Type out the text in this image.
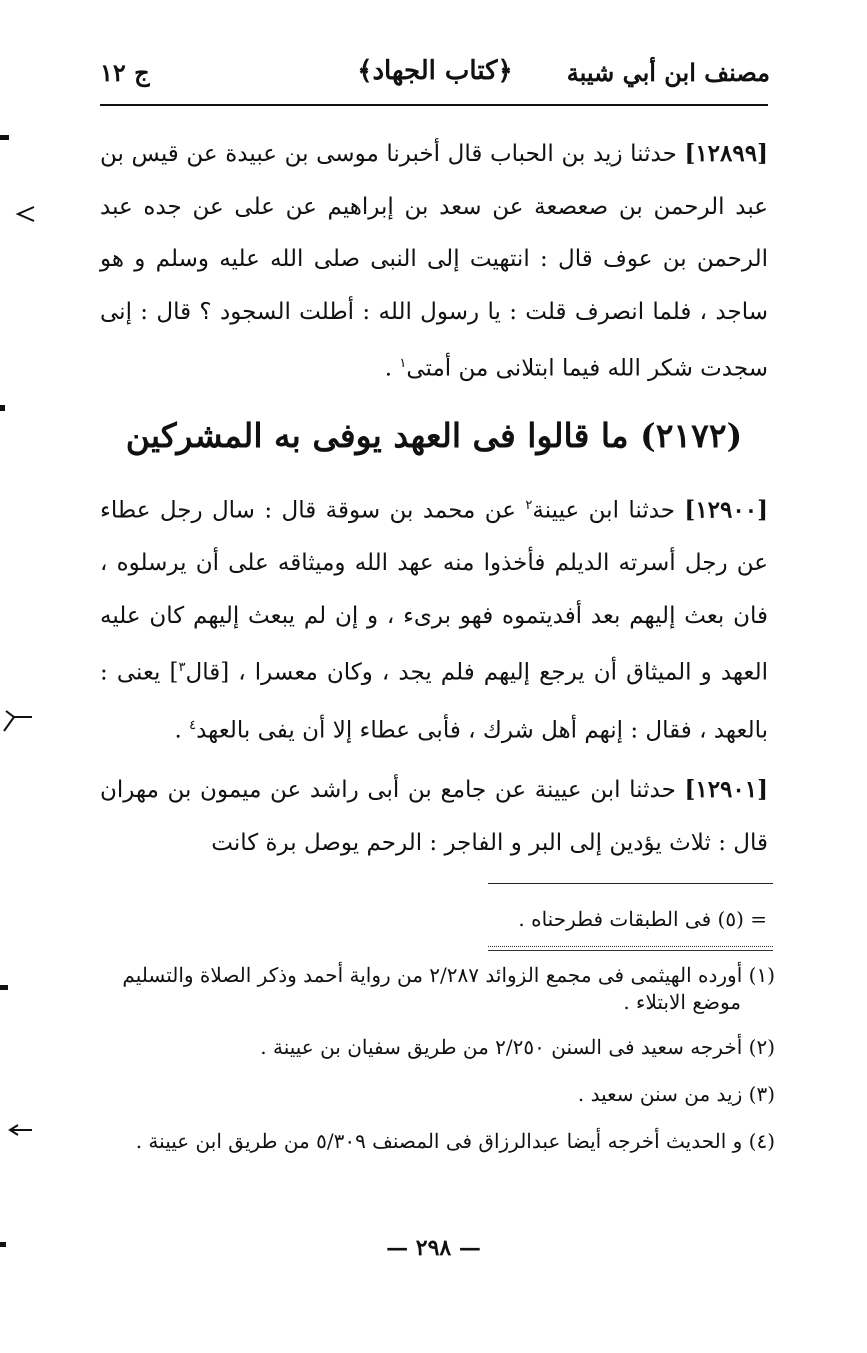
مصنف ابن أبي شيبة
﴿كتاب الجهاد﴾
ج ١٢

[١٢٨٩٩] حدثنا زيد بن الحباب قال أخبرنا موسى بن عبيدة عن قيس بن عبد الرحمن بن صعصعة عن سعد بن إبراهيم عن على عن جده عبد الرحمن بن عوف قال : انتهيت إلى النبى صلى الله عليه وسلم و هو ساجد ، فلما انصرف قلت : يا رسول الله : أطلت السجود ؟ قال : إنى سجدت شكر الله فيما ابتلانى من أمتى$^١$ .

(٢١٧٢) ما قالوا فى العهد يوفى به المشركين

[١٢٩٠٠] حدثنا ابن عيينة$^٢$ عن محمد بن سوقة قال : سال رجل عطاء عن رجل أسرته الديلم فأخذوا منه عهد الله وميثاقه على أن يرسلوه ، فان بعث إليهم بعد أفديتموه فهو برىء ، و إن لم يبعث إليهم كان عليه العهد و الميثاق أن يرجع إليهم فلم يجد ، وكان معسرا ، [قال$^٣$] يعنى : بالعهد ، فقال : إنهم أهل شرك ، فأبى عطاء إلا أن يفى بالعهد$^٤$ .

[١٢٩٠١] حدثنا ابن عيينة عن جامع بن أبى راشد عن ميمون بن مهران قال : ثلاث يؤدين إلى البر و الفاجر : الرحم يوصل برة كانت

= (٥) فى الطبقات فطرحناه .

(١) أورده الهيثمى فى مجمع الزوائد ٢/٢٨٧ من رواية أحمد وذكر الصلاة والتسليم
موضع الابتلاء .

(٢) أخرجه سعيد فى السنن ٢/٢٥٠ من طريق سفيان بن عيينة .

(٣) زيد من سنن سعيد .

(٤) و الحديث أخرجه أيضا عبدالرزاق فى المصنف ٥/٣٠٩ من طريق ابن عيينة .

— ٢٩٨ —
